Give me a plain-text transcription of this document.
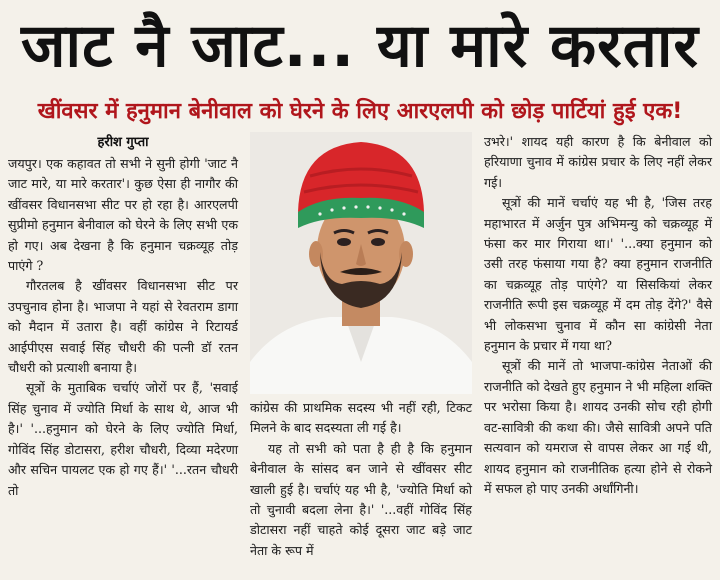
जाट नै जाट... या मारे करतार
खींवसर में हनुमान बेनीवाल को घेरने के लिए आरएलपी को छोड़ पार्टियां हुई एक!
हरीश गुप्ता

जयपुर। एक कहावत तो सभी ने सुनी होगी 'जाट नै जाट मारे, या मारे करतार'। कुछ ऐसा ही नागौर की खींवसर विधानसभा सीट पर हो रहा है। आरएलपी सुप्रीमो हनुमान बेनीवाल को घेरने के लिए सभी एक हो गए। अब देखना है कि हनुमान चक्रव्यूह तोड़ पाएंगे ?

गौरतलब है खींवसर विधानसभा सीट पर उपचुनाव होना है। भाजपा ने यहां से रेवतराम डागा को मैदान में उतारा है। वहीं कांग्रेस ने रिटायर्ड आईपीएस सवाई सिंह चौधरी की पत्नी डॉ रतन चौधरी को प्रत्याशी बनाया है।

सूत्रों के मुताबिक चर्चाएं जोरों पर हैं, 'सवाई सिंह चुनाव में ज्योति मिर्धा के साथ थे, आज भी है।' '...हनुमान को घेरने के लिए ज्योति मिर्धा, गोविंद सिंह डोटासरा, हरीश चौधरी, दिव्या मदेरणा और सचिन पायलट एक हो गए हैं।' '...रतन चौधरी तो

कांग्रेस की प्राथमिक सदस्य भी नहीं रही, टिकट मिलने के बाद सदस्यता ली गई है।

यह तो सभी को पता है ही है कि हनुमान बेनीवाल के सांसद बन जाने से खींवसर सीट खाली हुई है। चर्चाएं यह भी है, 'ज्योति मिर्धा को तो चुनावी बदला लेना है।' '...वहीं गोविंद सिंह डोटासरा नहीं चाहते कोई दूसरा जाट बड़े जाट नेता के रूप में

उभरे।' शायद यही कारण है कि बेनीवाल को हरियाणा चुनाव में कांग्रेस प्रचार के लिए नहीं लेकर गई।

सूत्रों की मानें चर्चाएं यह भी है, 'जिस तरह महाभारत में अर्जुन पुत्र अभिमन्यु को चक्रव्यूह में फंसा कर मार गिराया था।' '...क्या हनुमान को उसी तरह फंसाया गया है? क्या हनुमान राजनीति का चक्रव्यूह तोड़ पाएंगे? या सिसकियां लेकर राजनीति रूपी इस चक्रव्यूह में दम तोड़ देंगे?' वैसे भी लोकसभा चुनाव में कौन सा कांग्रेसी नेता हनुमान के प्रचार में गया था?

सूत्रों की मानें तो भाजपा-कांग्रेस नेताओं की राजनीति को देखते हुए हनुमान ने भी महिला शक्ति पर भरोसा किया है। शायद उनकी सोच रही होगी वट-सावित्री की कथा की। जैसे सावित्री अपने पति सत्यवान को यमराज से वापस लेकर आ गई थी, शायद हनुमान को राजनीतिक हत्या होने से रोकने में सफल हो पाए उनकी अर्धांगिनी।
